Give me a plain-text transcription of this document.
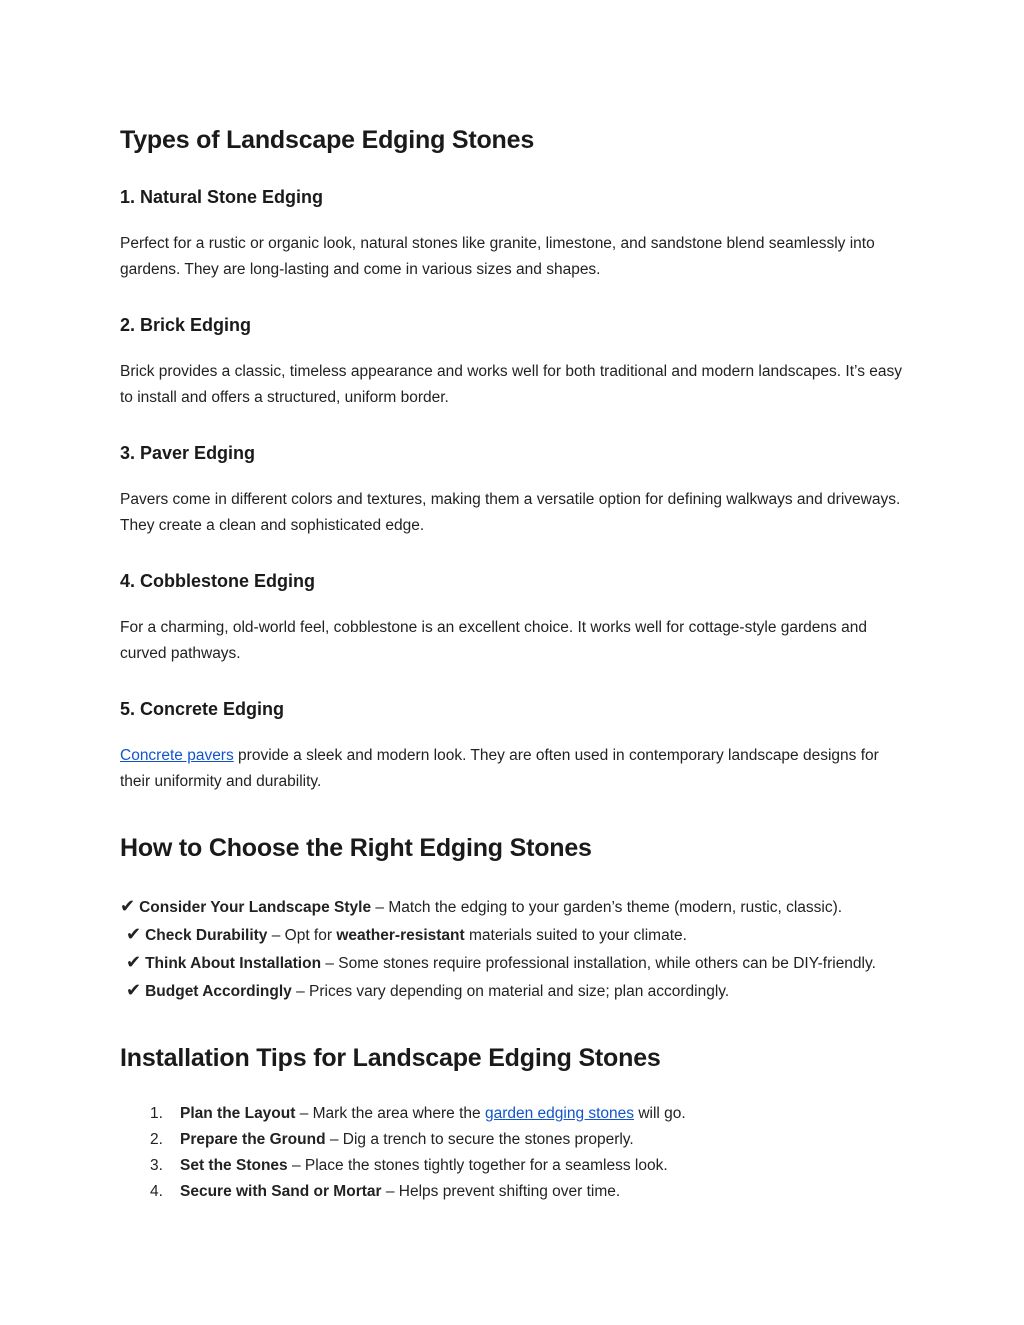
Types of Landscape Edging Stones
1. Natural Stone Edging

Perfect for a rustic or organic look, natural stones like granite, limestone, and sandstone blend seamlessly into gardens. They are long-lasting and come in various sizes and shapes.

2. Brick Edging

Brick provides a classic, timeless appearance and works well for both traditional and modern landscapes. It’s easy to install and offers a structured, uniform border.

3. Paver Edging

Pavers come in different colors and textures, making them a versatile option for defining walkways and driveways. They create a clean and sophisticated edge.

4. Cobblestone Edging

For a charming, old-world feel, cobblestone is an excellent choice. It works well for cottage-style gardens and curved pathways.

5. Concrete Edging

Concrete pavers provide a sleek and modern look. They are often used in contemporary landscape designs for their uniformity and durability.

How to Choose the Right Edging Stones
✔ Consider Your Landscape Style – Match the edging to your garden’s theme (modern, rustic, classic).
✔ Check Durability – Opt for weather-resistant materials suited to your climate.
✔ Think About Installation – Some stones require professional installation, while others can be DIY-friendly.
✔ Budget Accordingly – Prices vary depending on material and size; plan accordingly.
Installation Tips for Landscape Edging Stones
1.	Plan the Layout – Mark the area where the garden edging stones will go.
2.	Prepare the Ground – Dig a trench to secure the stones properly.
3.	Set the Stones – Place the stones tightly together for a seamless look.
4.	Secure with Sand or Mortar – Helps prevent shifting over time.
